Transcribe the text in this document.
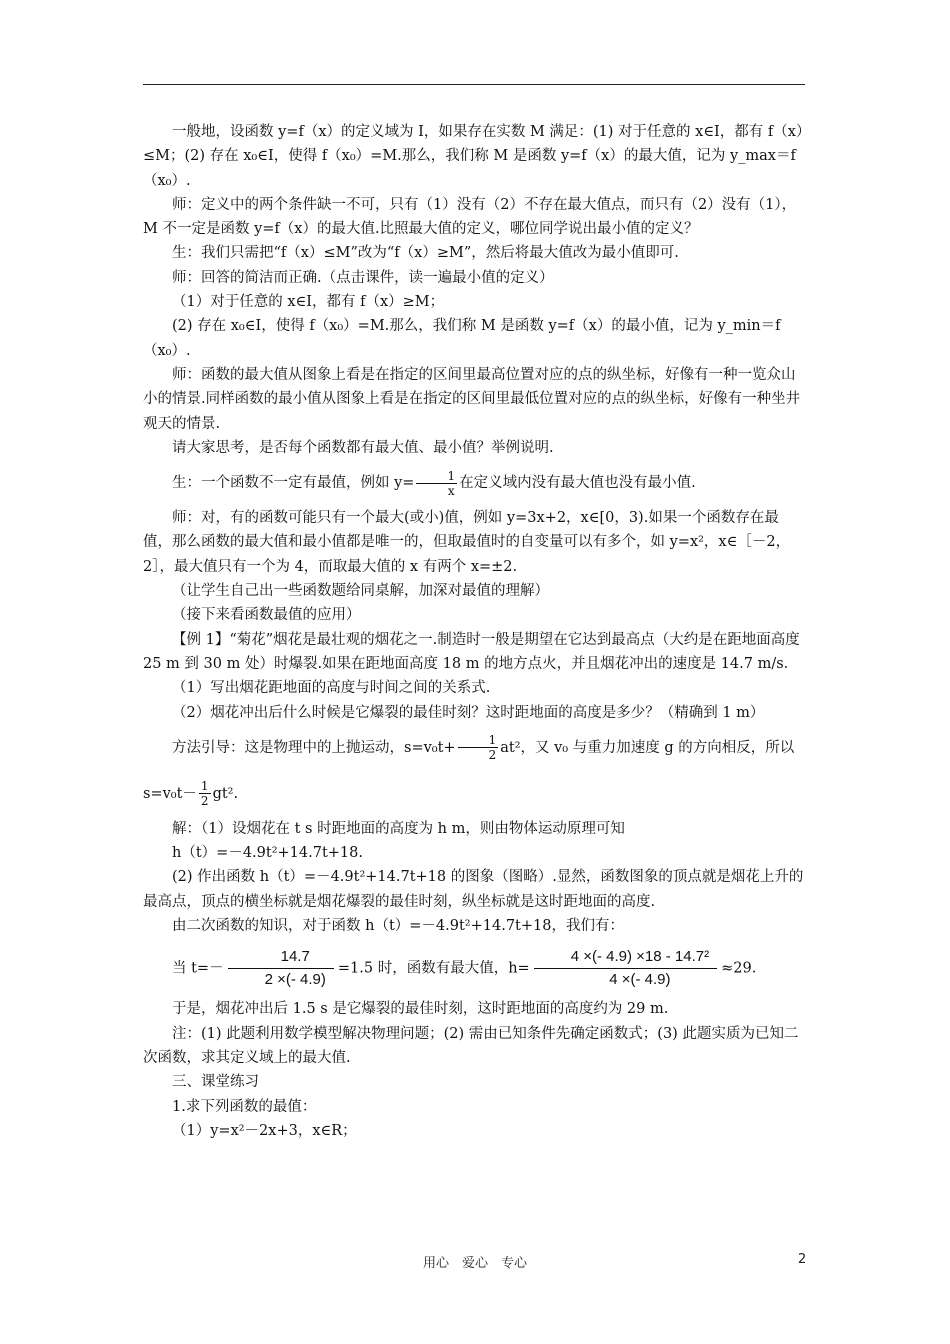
一般地，设函数 y=f（x）的定义域为 I，如果存在实数 M 满足：(1) 对于任意的 x∈I，都有 f（x）≤M；(2) 存在 x₀∈I，使得 f（x₀）=M.那么，我们称 M 是函数 y=f（x）的最大值，记为 y_max＝f（x₀）.

师：定义中的两个条件缺一不可，只有（1）没有（2）不存在最大值点，而只有（2）没有（1），M 不一定是函数 y=f（x）的最大值.比照最大值的定义，哪位同学说出最小值的定义？

生：我们只需把“f（x）≤M”改为“f（x）≥M”，然后将最大值改为最小值即可.

师：回答的简洁而正确.（点击课件，读一遍最小值的定义）

（1）对于任意的 x∈I，都有 f（x）≥M；

(2) 存在 x₀∈I，使得 f（x₀）=M.那么，我们称 M 是函数 y=f（x）的最小值，记为 y_min＝f（x₀）.

师：函数的最大值从图象上看是在指定的区间里最高位置对应的点的纵坐标，好像有一种一览众山小的情景.同样函数的最小值从图象上看是在指定的区间里最低位置对应的点的纵坐标，好像有一种坐井观天的情景.

请大家思考，是否每个函数都有最大值、最小值？举例说明.

生：一个函数不一定有最值，例如 $y= \frac{1}{x}$ 在定义域内没有最大值也没有最小值.

师：对，有的函数可能只有一个最大(或小)值，例如 y=3x+2，x∈[0，3).如果一个函数存在最值，那么函数的最大值和最小值都是唯一的，但取最值时的自变量可以有多个，如 y=x²，x∈［－2，2］，最大值只有一个为 4，而取最大值的 x 有两个 x=±2.

（让学生自己出一些函数题给同桌解，加深对最值的理解）

（接下来看函数最值的应用）

【例 1】“菊花”烟花是最壮观的烟花之一.制造时一般是期望在它达到最高点（大约是在距地面高度 25 m 到 30 m 处）时爆裂.如果在距地面高度 18 m 的地方点火，并且烟花冲出的速度是 14.7 m/s.

（1）写出烟花距地面的高度与时间之间的关系式.

（2）烟花冲出后什么时候是它爆裂的最佳时刻？这时距地面的高度是多少？（精确到 1 m）

方法引导：这是物理中的上抛运动，$s=v_0t+ \frac{1}{2} at^2$，又 v₀ 与重力加速度 g 的方向相反，所以

$s=v_0t- \frac{1}{2} gt^2$.

解：（1）设烟花在 t s 时距地面的高度为 h m，则由物体运动原理可知

h（t）=－4.9t²+14.7t+18.

(2) 作出函数 h（t）=－4.9t²+14.7t+18 的图象（图略）.显然，函数图象的顶点就是烟花上升的最高点，顶点的横坐标就是烟花爆裂的最佳时刻，纵坐标就是这时距地面的高度.

由二次函数的知识，对于函数 h（t）=－4.9t²+14.7t+18，我们有：

当 $t=- \frac{14.7}{2 \times(- 4.9)} =1.5$ 时，函数有最大值，$h= \frac{\text{4 ×(- 4.9) ×18 - 14.7²}}{4 \times(- 4.9)} \approx 29$.

于是，烟花冲出后 1.5 s 是它爆裂的最佳时刻，这时距地面的高度约为 29 m.

注：(1) 此题利用数学模型解决物理问题；(2) 需由已知条件先确定函数式；(3) 此题实质为已知二次函数，求其定义域上的最大值.

三、课堂练习

1.求下列函数的最值：

（1）y=x²－2x+3，x∈R；

用心　爱心　专心	2
